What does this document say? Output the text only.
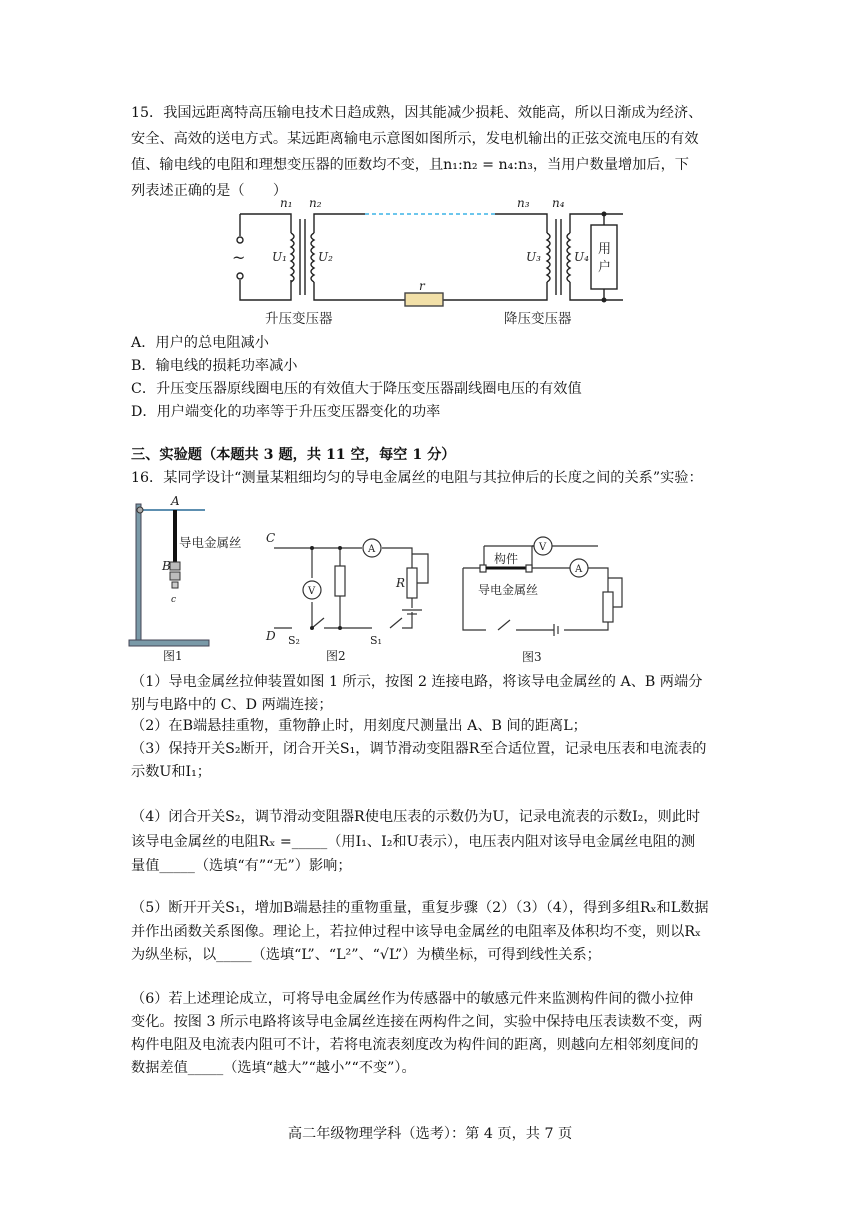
15．我国远距离特高压输电技术日趋成熟，因其能减少损耗、效能高，所以日渐成为经济、
安全、高效的送电方式。某远距离输电示意图如图所示，发电机输出的正弦交流电压的有效
值、输电线的电阻和理想变压器的匝数均不变，且n₁:n₂ = n₄:n₃，当用户数量增加后，下
列表述正确的是（　　）
n₁ n₂	n₃ n₄
U₁	U₂	U₃	U₄
r
~	用
户
升压变压器	降压变压器
A．用户的总电阻减小
B．输电线的损耗功率减小
C．升压变压器原线圈电压的有效值大于降压变压器副线圈电压的有效值
D．用户端变化的功率等于升压变压器变化的功率
三、实验题（本题共 3 题，共 11 空，每空 1 分）
16．某同学设计“测量某粗细均匀的导电金属丝的电阻与其拉伸后的长度之间的关系”实验：
A
B
c
导电金属丝
图1
V
A
C
D S₂	S₁
R
图2
V
A
构件
导电金属丝
图3
（1）导电金属丝拉伸装置如图 1 所示，按图 2 连接电路，将该导电金属丝的 A、B 两端分
别与电路中的 C、D 两端连接；
（2）在B端悬挂重物，重物静止时，用刻度尺测量出 A、B 间的距离L；
（3）保持开关S₂断开，闭合开关S₁，调节滑动变阻器R至合适位置，记录电压表和电流表的
示数U和I₁；
（4）闭合开关S₂，调节滑动变阻器R使电压表的示数仍为U，记录电流表的示数I₂，则此时
该导电金属丝的电阻Rₓ =_____（用I₁、I₂和U表示），电压表内阻对该导电金属丝电阻的测
量值_____（选填“有”“无”）影响；
（5）断开开关S₁，增加B端悬挂的重物重量，重复步骤（2）（3）（4），得到多组Rₓ和L数据
并作出函数关系图像。理论上，若拉伸过程中该导电金属丝的电阻率及体积均不变，则以Rₓ
为纵坐标，以_____（选填“L”、“L²”、“√L”）为横坐标，可得到线性关系；
（6）若上述理论成立，可将导电金属丝作为传感器中的敏感元件来监测构件间的微小拉伸
变化。按图 3 所示电路将该导电金属丝连接在两构件之间，实验中保持电压表读数不变，两
构件电阻及电流表内阻可不计，若将电流表刻度改为构件间的距离，则越向左相邻刻度间的
数据差值_____（选填“越大”“越小”“不变”）。
高二年级物理学科（选考）：第 4 页，共 7 页
